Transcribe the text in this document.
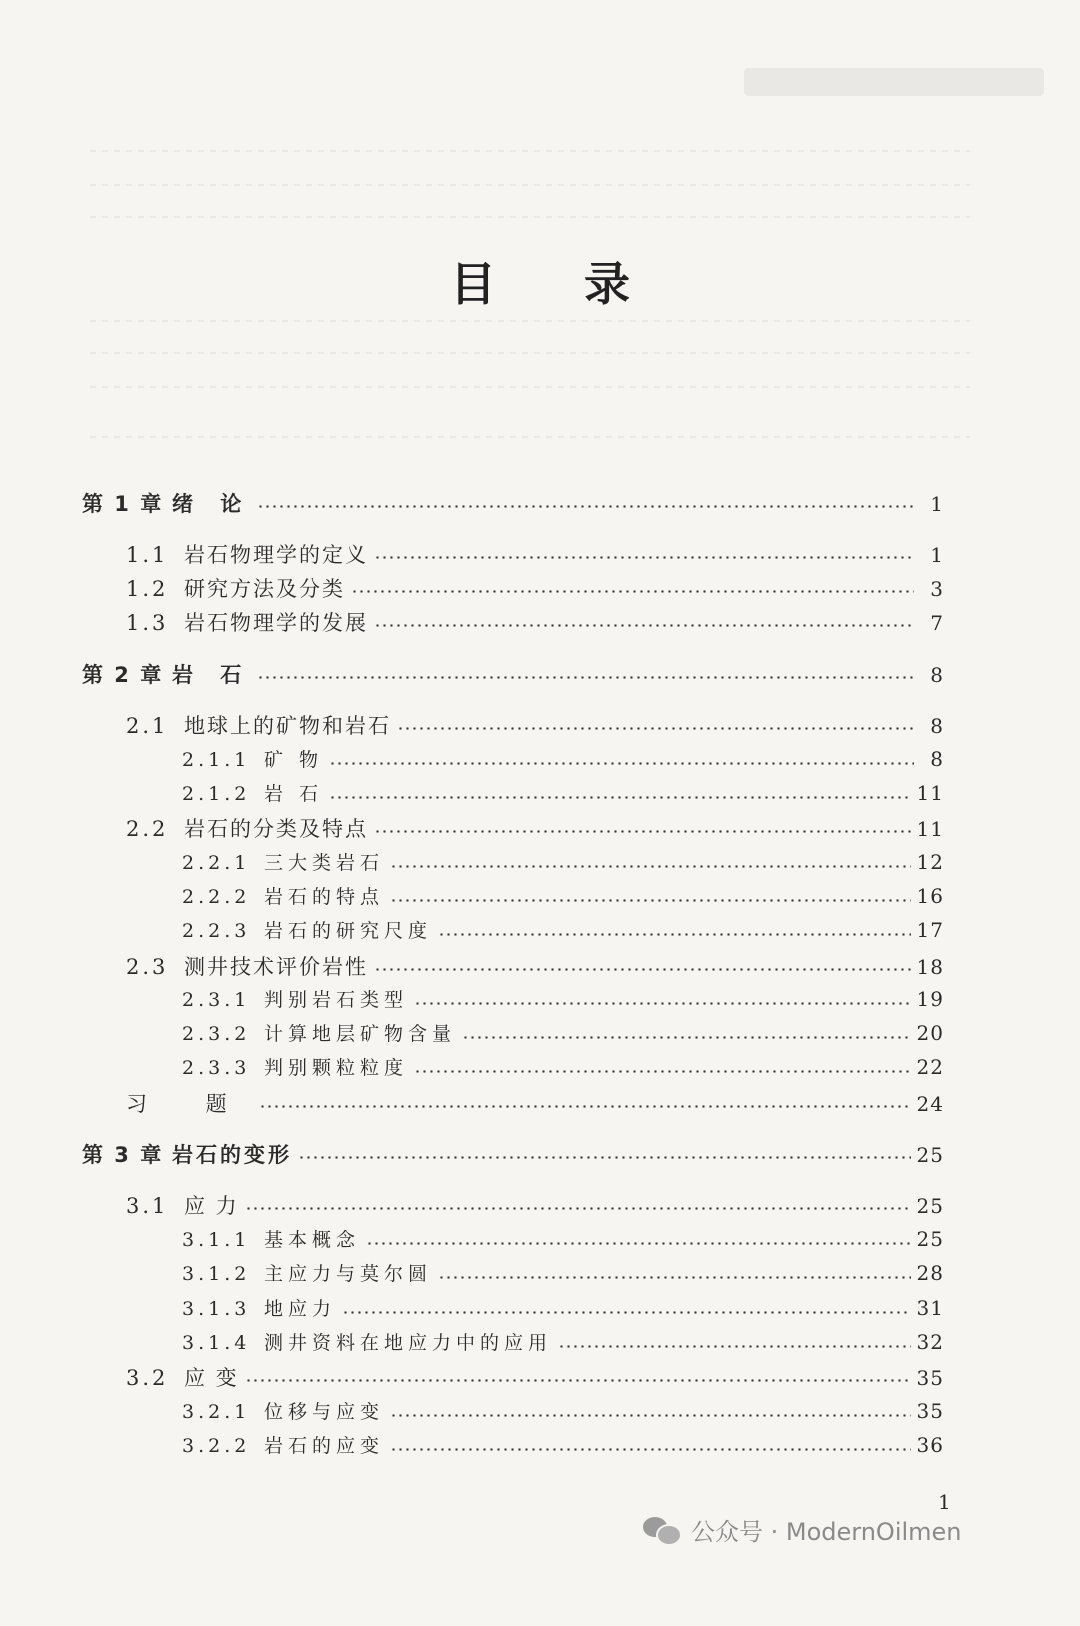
目 录
第 1 章 绪 论	1
1.1 岩石物理学的定义	1
1.2 研究方法及分类	3
1.3 岩石物理学的发展	7
第 2 章 岩 石	8
2.1 地球上的矿物和岩石	8
2.1.1 矿 物	8
2.1.2 岩 石	11
2.2 岩石的分类及特点	11
2.2.1 三大类岩石	12
2.2.2 岩石的特点	16
2.2.3 岩石的研究尺度	17
2.3 测井技术评价岩性	18
2.3.1 判别岩石类型	19
2.3.2 计算地层矿物含量	20
2.3.3 判别颗粒粒度	22
习 题	24
第 3 章 岩石的变形	25
3.1 应 力	25
3.1.1 基本概念	25
3.1.2 主应力与莫尔圆	28
3.1.3 地应力	31
3.1.4 测井资料在地应力中的应用	32
3.2 应 变	35
3.2.1 位移与应变	35
3.2.2 岩石的应变	36
1
公众号 · ModernOilmen
